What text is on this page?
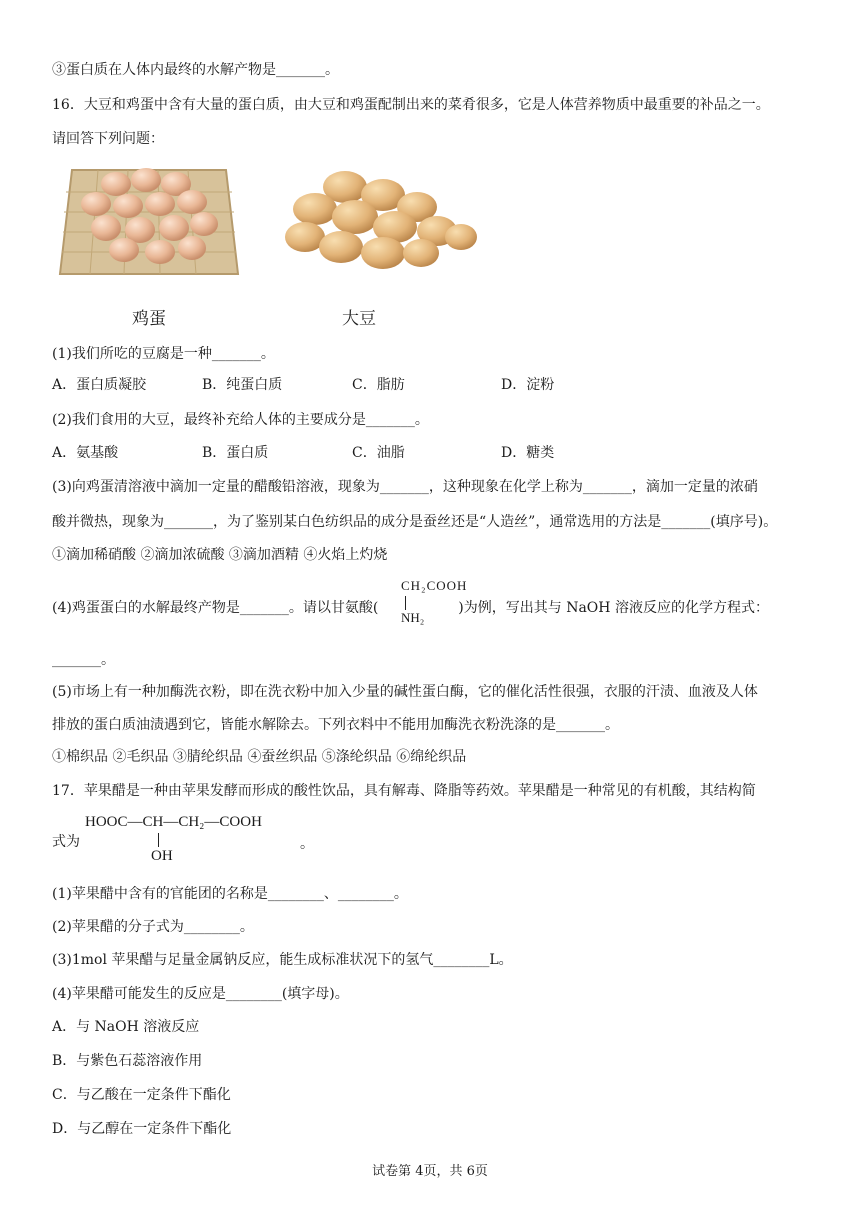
③蛋白质在人体内最终的水解产物是_______。
16．大豆和鸡蛋中含有大量的蛋白质，由大豆和鸡蛋配制出来的菜肴很多，它是人体营养物质中最重要的补品之一。
请回答下列问题：
鸡蛋	大豆
(1)我们所吃的豆腐是一种_______。
A．蛋白质凝胶	B．纯蛋白质	C．脂肪	D．淀粉
(2)我们食用的大豆，最终补充给人体的主要成分是_______。
A．氨基酸	B．蛋白质	C．油脂	D．糖类
(3)向鸡蛋清溶液中滴加一定量的醋酸铅溶液，现象为_______，这种现象在化学上称为_______，滴加一定量的浓硝
酸并微热，现象为_______，为了鉴别某白色纺织品的成分是蚕丝还是“人造丝”，通常选用的方法是_______(填序号)。
①滴加稀硝酸 ②滴加浓硫酸 ③滴加酒精 ④火焰上灼烧
(4)鸡蛋蛋白的水解最终产物是_______。请以甘氨酸(	)为例，写出其与 NaOH 溶液反应的化学方程式：
CH₂COOH
NH₂
_______。
(5)市场上有一种加酶洗衣粉，即在洗衣粉中加入少量的碱性蛋白酶，它的催化活性很强，衣服的汗渍、血液及人体
排放的蛋白质油渍遇到它，皆能水解除去。下列衣料中不能用加酶洗衣粉洗涤的是_______。
①棉织品 ②毛织品 ③腈纶织品 ④蚕丝织品 ⑤涤纶织品 ⑥绵纶织品
17．苹果醋是一种由苹果发酵而形成的酸性饮品，具有解毒、降脂等药效。苹果醋是一种常见的有机酸，其结构简
式为
HOOC—CH—CH₂—COOH
OH
。
(1)苹果醋中含有的官能团的名称是________、________。
(2)苹果醋的分子式为________。
(3)1mol 苹果醋与足量金属钠反应，能生成标准状况下的氢气________L。
(4)苹果醋可能发生的反应是________(填字母)。
A．与 NaOH 溶液反应
B．与紫色石蕊溶液作用
C．与乙酸在一定条件下酯化
D．与乙醇在一定条件下酯化
试卷第 4页，共 6页
